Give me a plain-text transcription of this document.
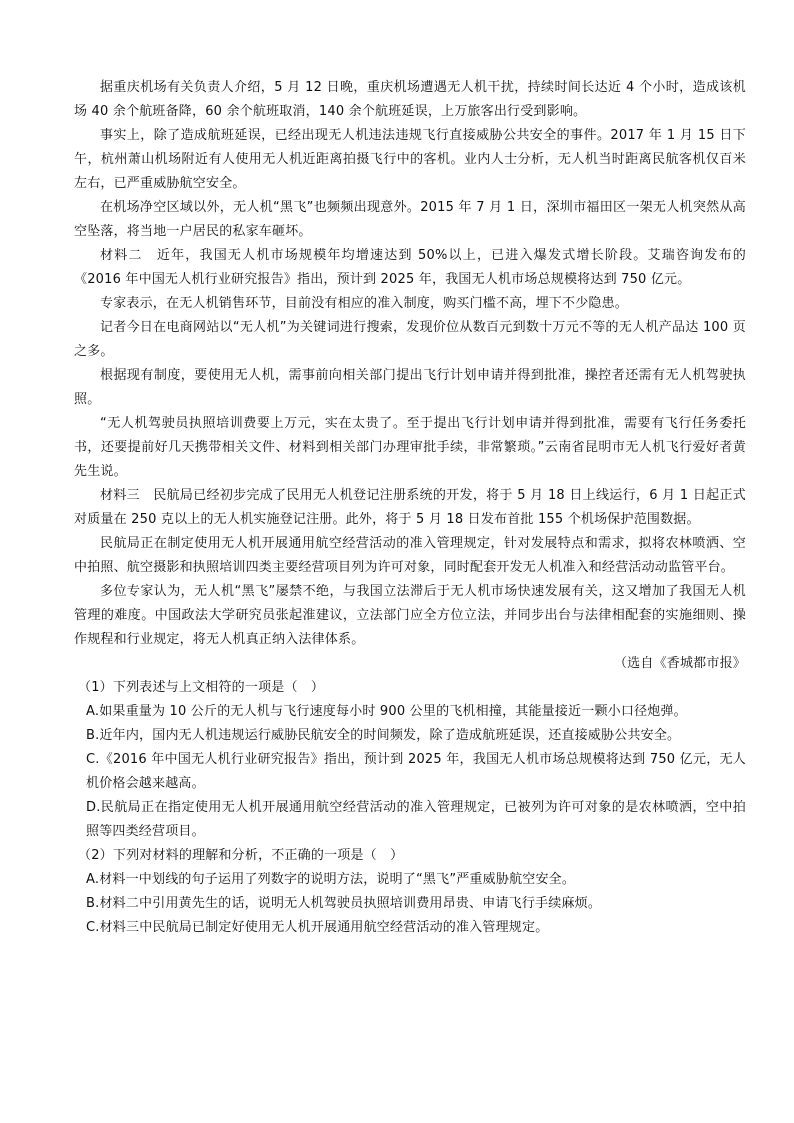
据重庆机场有关负责人介绍，5 月 12 日晚，重庆机场遭遇无人机干扰，持续时间长达近 4 个小时，造成该机场 40 余个航班备降，60 余个航班取消，140 余个航班延误，上万旅客出行受到影响。

事实上，除了造成航班延误，已经出现无人机违法违规飞行直接威胁公共安全的事件。2017 年 1 月 15 日下午，杭州萧山机场附近有人使用无人机近距离拍摄飞行中的客机。业内人士分析，无人机当时距离民航客机仅百米左右，已严重威胁航空安全。

在机场净空区域以外，无人机“黑飞”也频频出现意外。2015 年 7 月 1 日，深圳市福田区一架无人机突然从高空坠落，将当地一户居民的私家车砸坏。

材料二　近年，我国无人机市场规模年均增速达到 50%以上，已进入爆发式增长阶段。艾瑞咨询发布的《2016 年中国无人机行业研究报告》指出，预计到 2025 年，我国无人机市场总规模将达到 750 亿元。

专家表示，在无人机销售环节，目前没有相应的准入制度，购买门槛不高，埋下不少隐患。

记者今日在电商网站以“无人机”为关键词进行搜索，发现价位从数百元到数十万元不等的无人机产品达 100 页之多。

根据现有制度，要使用无人机，需事前向相关部门提出飞行计划申请并得到批准，操控者还需有无人机驾驶执照。

“无人机驾驶员执照培训费要上万元，实在太贵了。至于提出飞行计划申请并得到批准，需要有飞行任务委托书，还要提前好几天携带相关文件、材料到相关部门办理审批手续，非常繁琐。”云南省昆明市无人机飞行爱好者黄先生说。

材料三　民航局已经初步完成了民用无人机登记注册系统的开发，将于 5 月 18 日上线运行，6 月 1 日起正式对质量在 250 克以上的无人机实施登记注册。此外，将于 5 月 18 日发布首批 155 个机场保护范围数据。

民航局正在制定使用无人机开展通用航空经营活动的准入管理规定，针对发展特点和需求，拟将农林喷洒、空中拍照、航空摄影和执照培训四类主要经营项目列为许可对象，同时配套开发无人机准入和经营活动动监管平台。

多位专家认为，无人机“黑飞”屡禁不绝，与我国立法滞后于无人机市场快速发展有关，这又增加了我国无人机管理的难度。中国政法大学研究员张起淮建议，立法部门应全方位立法，并同步出台与法律相配套的实施细则、操作规程和行业规定，将无人机真正纳入法律体系。

（选自《香城都市报》

（1）下列表述与上文相符的一项是（　）

A.如果重量为 10 公斤的无人机与飞行速度每小时 900 公里的飞机相撞，其能量接近一颗小口径炮弹。

B.近年内，国内无人机违规运行威胁民航安全的时间频发，除了造成航班延误，还直接威胁公共安全。

C.《2016 年中国无人机行业研究报告》指出，预计到 2025 年，我国无人机市场总规模将达到 750 亿元，无人机价格会越来越高。

D.民航局正在指定使用无人机开展通用航空经营活动的准入管理规定，已被列为许可对象的是农林喷洒，空中拍照等四类经营项目。

（2）下列对材料的理解和分析，不正确的一项是（　）

A.材料一中划线的句子运用了列数字的说明方法，说明了“黑飞”严重威胁航空安全。

B.材料二中引用黄先生的话，说明无人机驾驶员执照培训费用昂贵、申请飞行手续麻烦。

C.材料三中民航局已制定好使用无人机开展通用航空经营活动的准入管理规定。
